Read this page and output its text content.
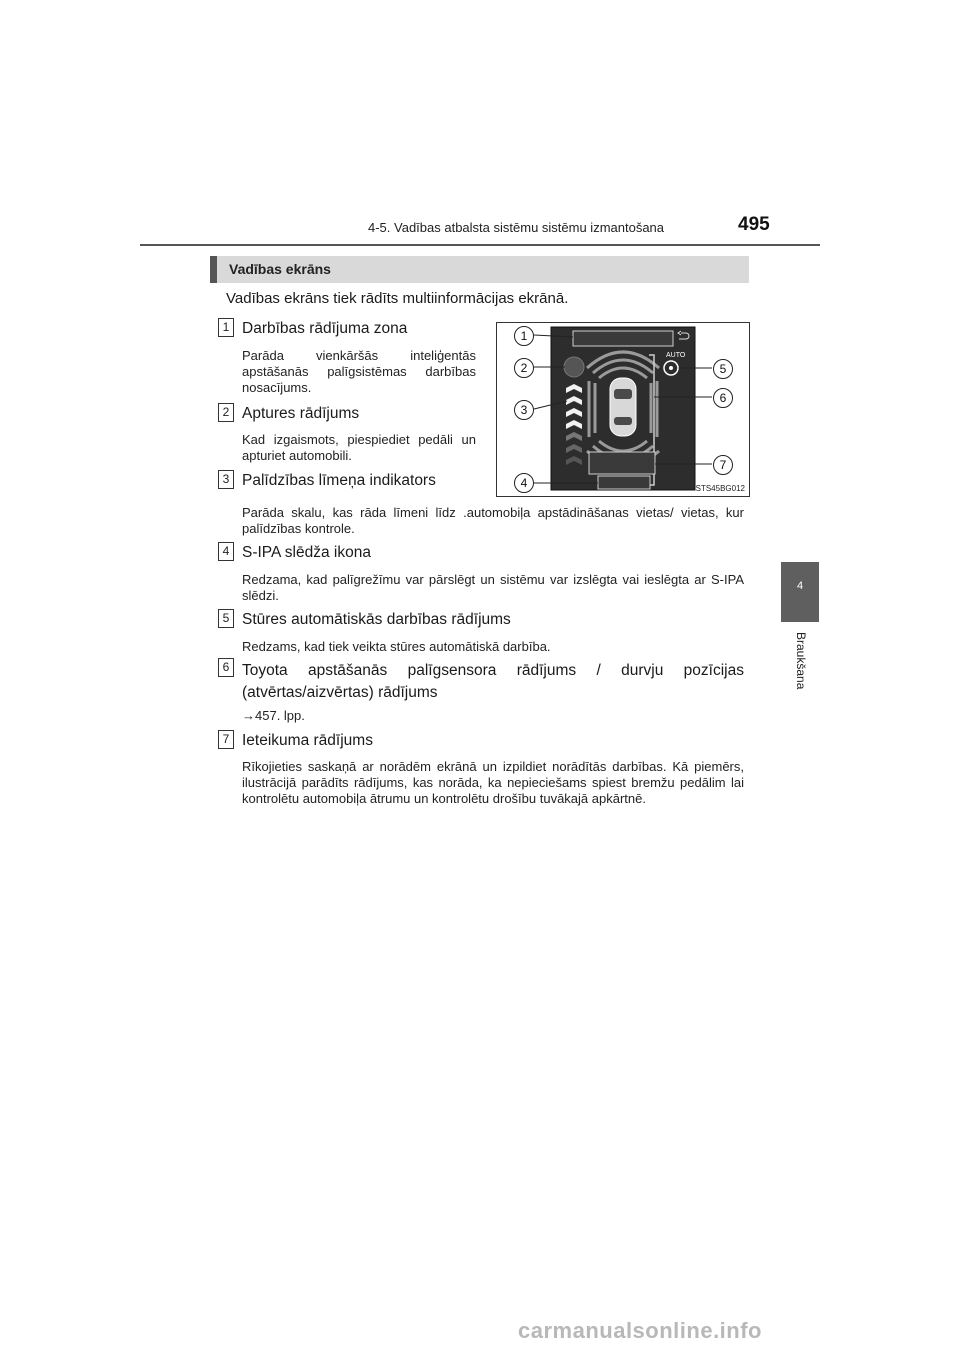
4-5. Vadības atbalsta sistēmu sistēmu izmantošana	495
4
Braukšana
Vadības ekrāns
Vadības ekrāns tiek rādīts multiinformācijas ekrānā.
1 Darbības rādījuma zona
Parāda vienkāršās inteliģentās apstāšanās palīgsistēmas darbības nosacījums.
2 Aptures rādījums
Kad izgaismots, piespiediet pedāli un apturiet automobili.
3 Palīdzības līmeņa indikators
Parāda skalu, kas rāda līmeni līdz .automobiļa apstādināšanas vietas/ vietas, kur palīdzības kontrole.
4 S-IPA slēdža ikona
Redzama, kad palīgrežīmu var pārslēgt un sistēmu var izslēgta vai ieslēgta ar S-IPA slēdzi.
5 Stūres automātiskās darbības rādījums
Redzams, kad tiek veikta stūres automātiskā darbība.
6 Toyota apstāšanās palīgsensora rādījums / durvju pozīcijas (atvērtas/aizvērtas) rādījums
→457. lpp.
7 Ieteikuma rādījums
Rīkojieties saskaņā ar norādēm ekrānā un izpildiet norādītās darbības. Kā piemērs, ilustrācijā parādīts rādījums, kas norāda, ka nepieciešams spiest bremžu pedālim lai kontrolētu automobiļa ātrumu un kontrolētu drošību tuvākajā apkārtnē.
AUTO
1
2
3
4
5
6
7
STS45BG012
carmanualsonline.info
